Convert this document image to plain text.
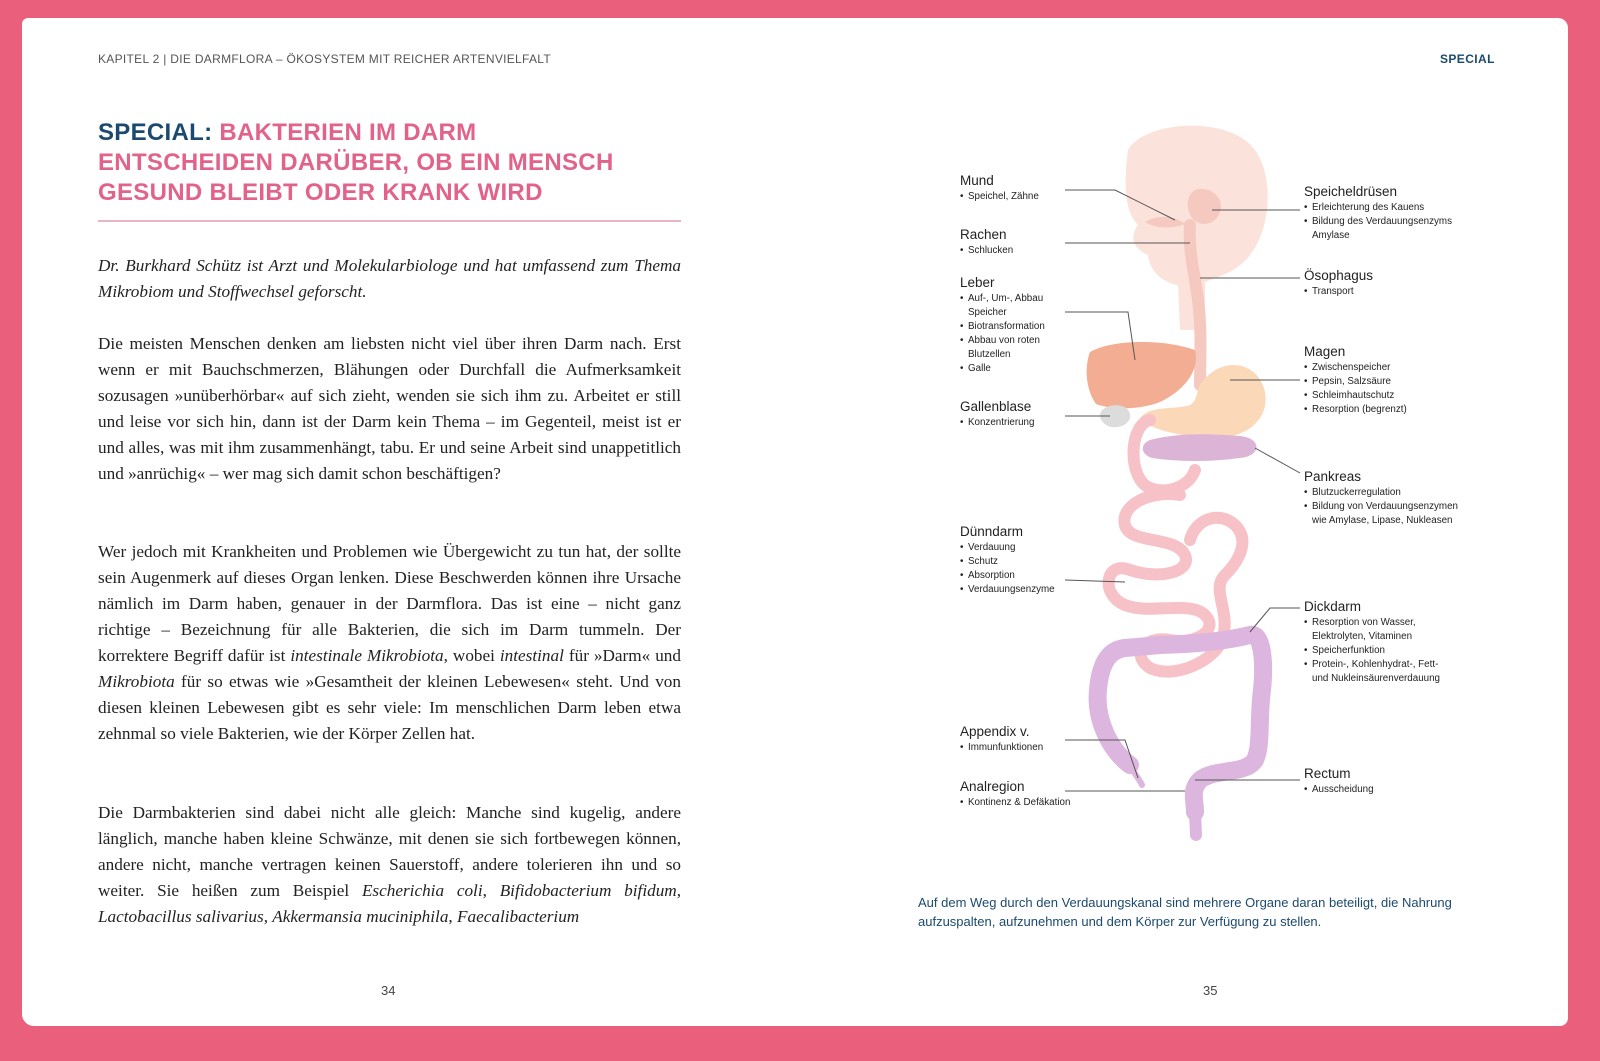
KAPITEL 2 | DIE DARMFLORA – ÖKOSYSTEM MIT REICHER ARTENVIELFALT	SPECIAL
SPECIAL: BAKTERIEN IM DARM
ENTSCHEIDEN DARÜBER, OB EIN MENSCH
GESUND BLEIBT ODER KRANK WIRD

Dr. Burkhard Schütz ist Arzt und Molekularbiologe und hat umfassend zum Thema Mikrobiom und Stoffwechsel geforscht.

Die meisten Menschen denken am liebsten nicht viel über ihren Darm nach. Erst wenn er mit Bauchschmerzen, Blähungen oder Durchfall die Aufmerksamkeit sozusagen »unüberhörbar« auf sich zieht, wenden sie sich ihm zu. Arbeitet er still und leise vor sich hin, dann ist der Darm kein Thema – im Gegenteil, meist ist er und alles, was mit ihm zusammenhängt, tabu. Er und seine Arbeit sind unappetitlich und »anrüchig« – wer mag sich damit schon beschäftigen?

Wer jedoch mit Krankheiten und Problemen wie Übergewicht zu tun hat, der sollte sein Augenmerk auf dieses Organ lenken. Diese Beschwerden können ihre Ursache nämlich im Darm haben, genauer in der Darmflora. Das ist eine – nicht ganz richtige – Bezeichnung für alle Bakterien, die sich im Darm tummeln. Der korrektere Begriff dafür ist intestinale Mikrobiota, wobei intestinal für »Darm« und Mikrobiota für so etwas wie »Gesamtheit der kleinen Lebewesen« steht. Und von diesen kleinen Lebewesen gibt es sehr viele: Im menschlichen Darm leben etwa zehnmal so viele Bakterien, wie der Körper Zellen hat.

Die Darmbakterien sind dabei nicht alle gleich: Manche sind kugelig, andere länglich, manche haben kleine Schwänze, mit denen sie sich fortbewegen können, andere nicht, manche vertragen keinen Sauerstoff, andere tolerieren ihn und so weiter. Sie heißen zum Beispiel Escherichia coli, Bifidobacterium bifidum, Lactobacillus salivarius, Akkermansia muciniphila, Faecalibacterium

34	35
Mund
• Speichel, Zähne
Rachen
• Schlucken
Leber
• Auf-, Um-, Abbau Speicher
• Biotransformation
• Abbau von roten Blutzellen
• Galle
Gallenblase
• Konzentrierung
Dünndarm
• Verdauung
• Schutz
• Absorption
• Verdauungsenzyme
Appendix v.
• Immunfunktionen
Analregion
• Kontinenz & Defäkation
Speicheldrüsen
• Erleichterung des Kauens
• Bildung des Verdauungsenzyms Amylase
Ösophagus
• Transport
Magen
• Zwischenspeicher
• Pepsin, Salzsäure
• Schleimhautschutz
• Resorption (begrenzt)
Pankreas
• Blutzuckerregulation
• Bildung von Verdauungsenzymen wie Amylase, Lipase, Nukleasen
Dickdarm
• Resorption von Wasser, Elektrolyten, Vitaminen
• Speicherfunktion
• Protein-, Kohlenhydrat-, Fett- und Nukleinsäurenverdauung
Rectum
• Ausscheidung

Auf dem Weg durch den Verdauungskanal sind mehrere Organe daran beteiligt, die Nahrung aufzuspalten, aufzunehmen und dem Körper zur Verfügung zu stellen.
